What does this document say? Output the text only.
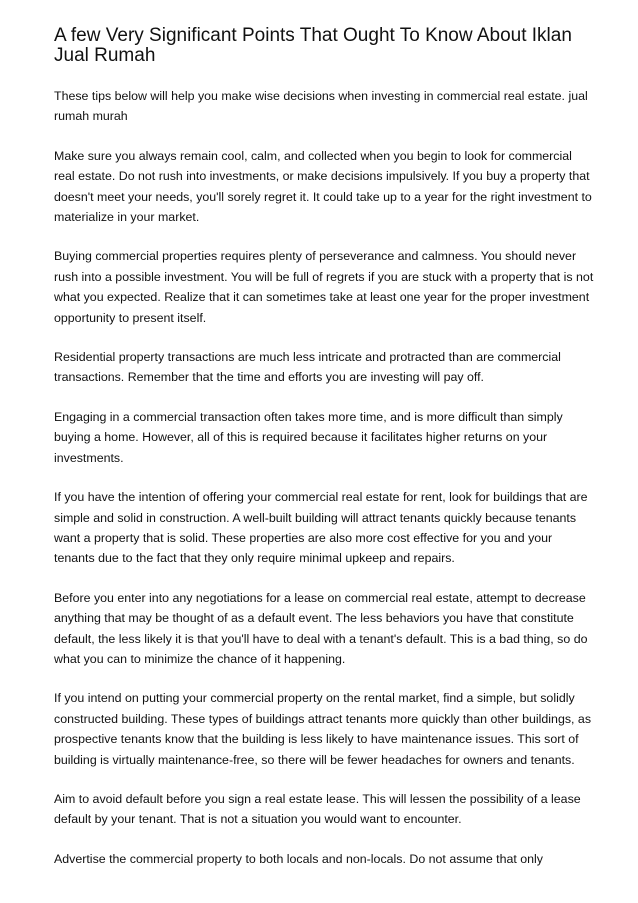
A few Very Significant Points That Ought To Know About Iklan Jual Rumah

These tips below will help you make wise decisions when investing in commercial real estate. jual rumah murah

Make sure you always remain cool, calm, and collected when you begin to look for commercial real estate. Do not rush into investments, or make decisions impulsively. If you buy a property that doesn't meet your needs, you'll sorely regret it. It could take up to a year for the right investment to materialize in your market.

Buying commercial properties requires plenty of perseverance and calmness. You should never rush into a possible investment. You will be full of regrets if you are stuck with a property that is not what you expected. Realize that it can sometimes take at least one year for the proper investment opportunity to present itself.

Residential property transactions are much less intricate and protracted than are commercial transactions. Remember that the time and efforts you are investing will pay off.

Engaging in a commercial transaction often takes more time, and is more difficult than simply buying a home. However, all of this is required because it facilitates higher returns on your investments.

If you have the intention of offering your commercial real estate for rent, look for buildings that are simple and solid in construction. A well-built building will attract tenants quickly because tenants want a property that is solid. These properties are also more cost effective for you and your tenants due to the fact that they only require minimal upkeep and repairs.

Before you enter into any negotiations for a lease on commercial real estate, attempt to decrease anything that may be thought of as a default event. The less behaviors you have that constitute default, the less likely it is that you'll have to deal with a tenant's default. This is a bad thing, so do what you can to minimize the chance of it happening.

If you intend on putting your commercial property on the rental market, find a simple, but solidly constructed building. These types of buildings attract tenants more quickly than other buildings, as prospective tenants know that the building is less likely to have maintenance issues. This sort of building is virtually maintenance-free, so there will be fewer headaches for owners and tenants.

Aim to avoid default before you sign a real estate lease. This will lessen the possibility of a lease default by your tenant. That is not a situation you would want to encounter.

Advertise the commercial property to both locals and non-locals. Do not assume that only
